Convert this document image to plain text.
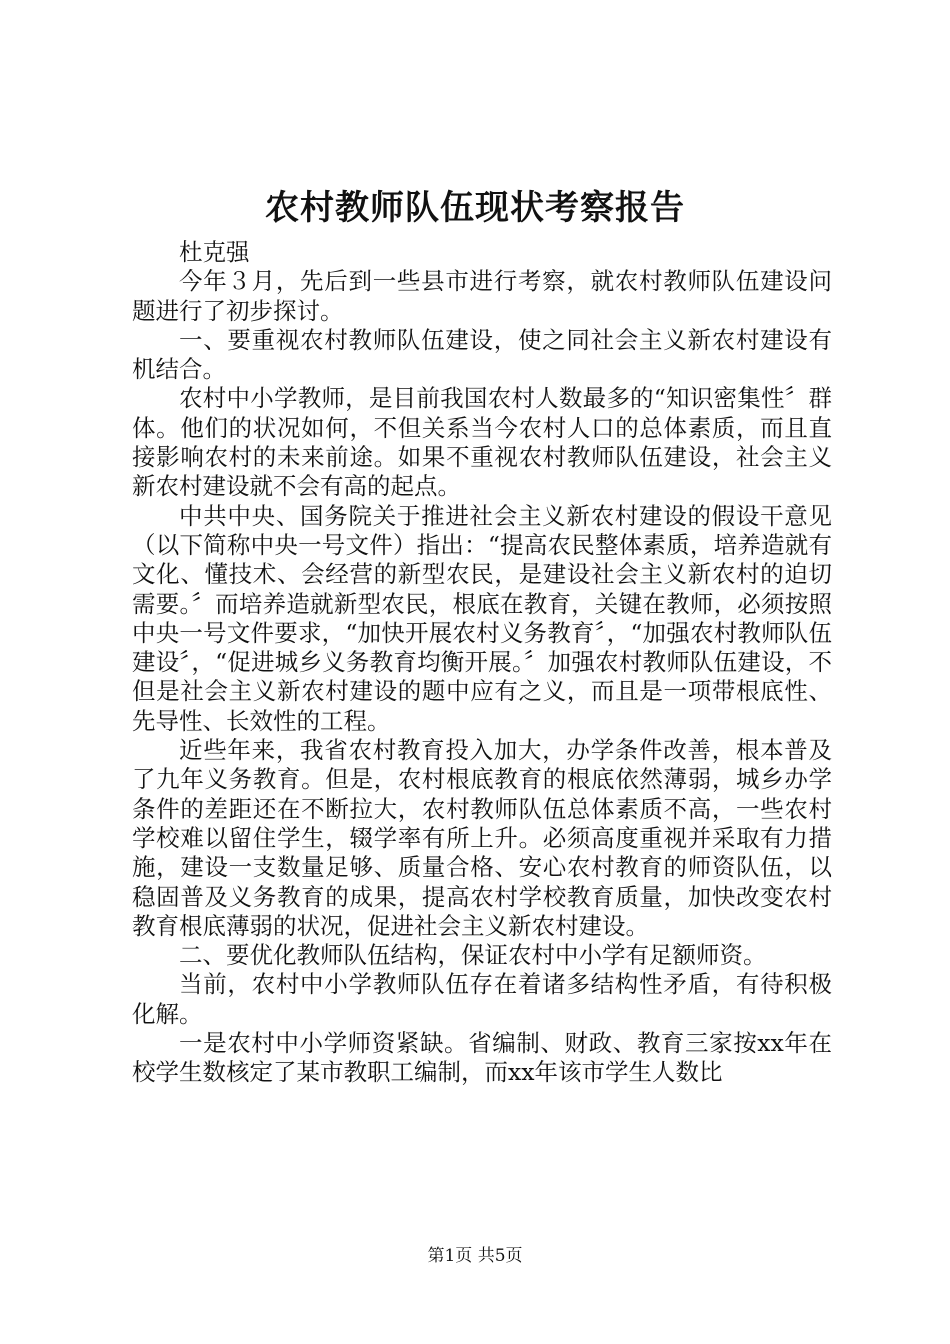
农村教师队伍现状考察报告

杜克强

今年３月，先后到一些县市进行考察，就农村教师队伍建设问题进行了初步探讨。

一、要重视农村教师队伍建设，使之同社会主义新农村建设有机结合。

农村中小学教师，是目前我国农村人数最多的“知识密集性〞群体。他们的状况如何，不但关系当今农村人口的总体素质，而且直接影响农村的未来前途。如果不重视农村教师队伍建设，社会主义新农村建设就不会有高的起点。

中共中央、国务院关于推进社会主义新农村建设的假设干意见（以下简称中央一号文件）指出：“提高农民整体素质，培养造就有文化、懂技术、会经营的新型农民，是建设社会主义新农村的迫切需要。〞而培养造就新型农民，根底在教育，关键在教师，必须按照中央一号文件要求，“加快开展农村义务教育〞，“加强农村教师队伍建设〞，“促进城乡义务教育均衡开展。〞加强农村教师队伍建设，不但是社会主义新农村建设的题中应有之义，而且是一项带根底性、先导性、长效性的工程。

近些年来，我省农村教育投入加大，办学条件改善，根本普及了九年义务教育。但是，农村根底教育的根底依然薄弱，城乡办学条件的差距还在不断拉大，农村教师队伍总体素质不高，一些农村学校难以留住学生，辍学率有所上升。必须高度重视并采取有力措施，建设一支数量足够、质量合格、安心农村教育的师资队伍，以稳固普及义务教育的成果，提高农村学校教育质量，加快改变农村教育根底薄弱的状况，促进社会主义新农村建设。

二、要优化教师队伍结构，保证农村中小学有足额师资。

当前，农村中小学教师队伍存在着诸多结构性矛盾，有待积极化解。

一是农村中小学师资紧缺。省编制、财政、教育三家按xx年在校学生数核定了某市教职工编制，而xx年该市学生人数比

第1页 共5页
